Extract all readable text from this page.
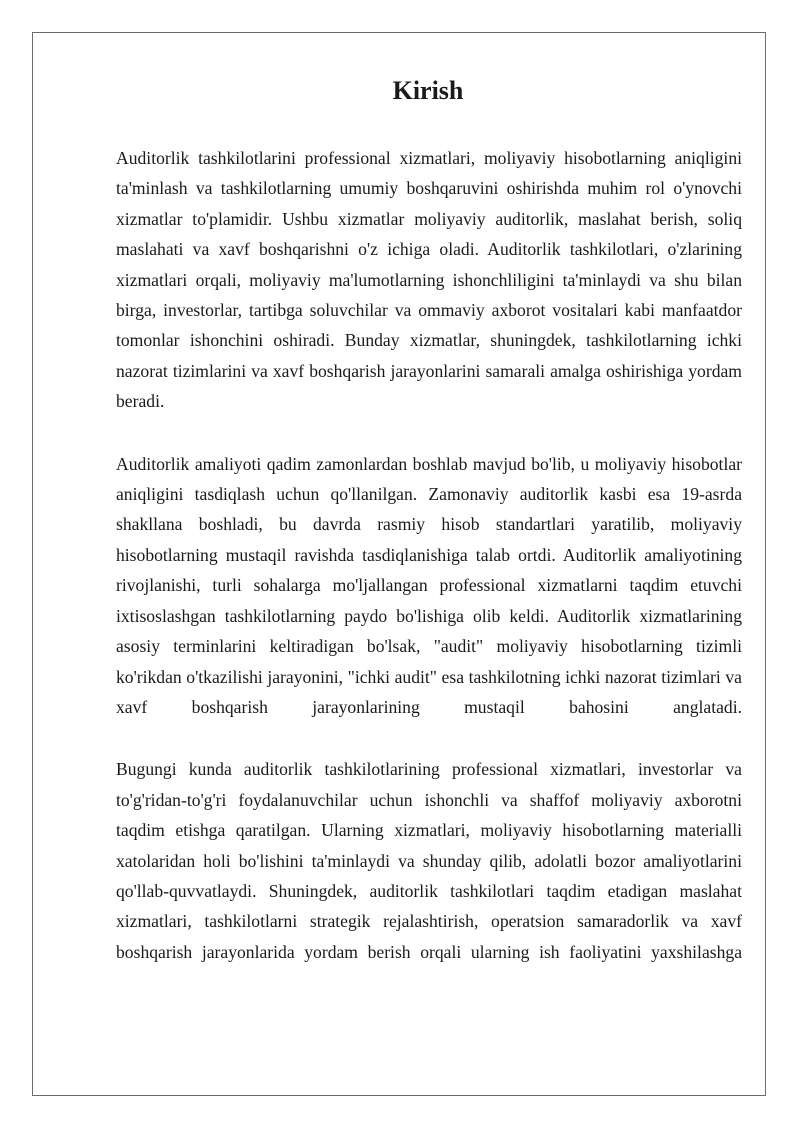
Kirish

Auditorlik tashkilotlarini professional xizmatlari, moliyaviy hisobotlarning aniqligini ta'minlash va tashkilotlarning umumiy boshqaruvini oshirishda muhim rol o'ynovchi xizmatlar to'plamidir. Ushbu xizmatlar moliyaviy auditorlik, maslahat berish, soliq maslahati va xavf boshqarishni o'z ichiga oladi. Auditorlik tashkilotlari, o'zlarining xizmatlari orqali, moliyaviy ma'lumotlarning ishonchliligini ta'minlaydi va shu bilan birga, investorlar, tartibga soluvchilar va ommaviy axborot vositalari kabi manfaatdor tomonlar ishonchini oshiradi. Bunday xizmatlar, shuningdek, tashkilotlarning ichki nazorat tizimlarini va xavf boshqarish jarayonlarini samarali amalga oshirishiga yordam beradi.

Auditorlik amaliyoti qadim zamonlardan boshlab mavjud bo'lib, u moliyaviy hisobotlar aniqligini tasdiqlash uchun qo'llanilgan. Zamonaviy auditorlik kasbi esa 19-asrda shakllana boshladi, bu davrda rasmiy hisob standartlari yaratilib, moliyaviy hisobotlarning mustaqil ravishda tasdiqlanishiga talab ortdi. Auditorlik amaliyotining rivojlanishi, turli sohalarga mo'ljallangan professional xizmatlarni taqdim etuvchi ixtisoslashgan tashkilotlarning paydo bo'lishiga olib keldi. Auditorlik xizmatlarining asosiy terminlarini keltiradigan bo'lsak, "audit" moliyaviy hisobotlarning tizimli ko'rikdan o'tkazilishi jarayonini, "ichki audit" esa tashkilotning ichki nazorat tizimlari va xavf boshqarish jarayonlarining mustaqil bahosini anglatadi.

Bugungi kunda auditorlik tashkilotlarining professional xizmatlari, investorlar va to'g'ridan-to'g'ri foydalanuvchilar uchun ishonchli va shaffof moliyaviy axborotni taqdim etishga qaratilgan. Ularning xizmatlari, moliyaviy hisobotlarning materialli xatolaridan holi bo'lishini ta'minlaydi va shunday qilib, adolatli bozor amaliyotlarini qo'llab-quvvatlaydi. Shuningdek, auditorlik tashkilotlari taqdim etadigan maslahat xizmatlari, tashkilotlarni strategik rejalashtirish, operatsion samaradorlik va xavf boshqarish jarayonlarida yordam berish orqali ularning ish faoliyatini yaxshilashga
